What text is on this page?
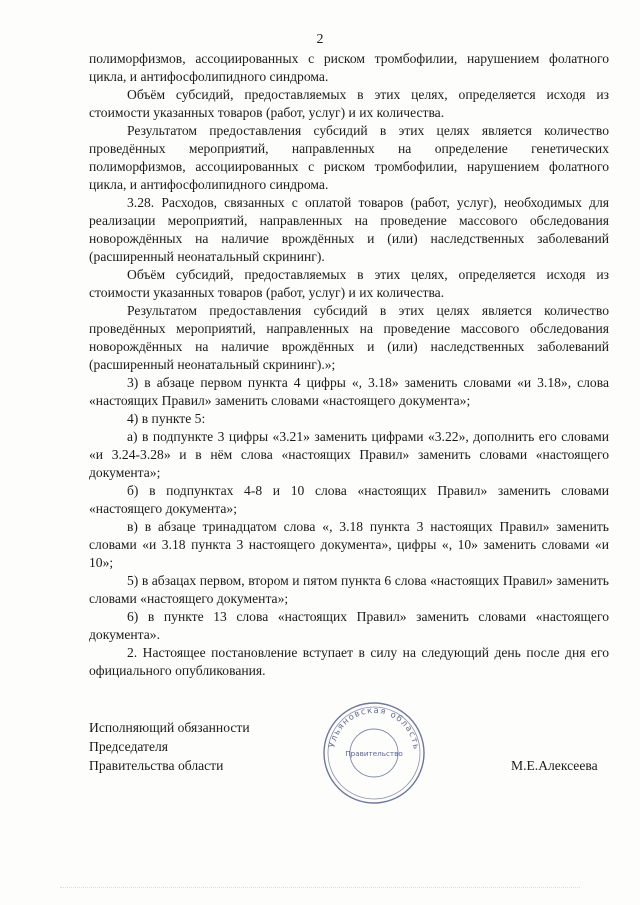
2

полиморфизмов, ассоциированных с риском тромбофилии, нарушением фолатного цикла, и антифосфолипидного синдрома.

Объём субсидий, предоставляемых в этих целях, определяется исходя из стоимости указанных товаров (работ, услуг) и их количества.

Результатом предоставления субсидий в этих целях является количество проведённых мероприятий, направленных на определение генетических полиморфизмов, ассоциированных с риском тромбофилии, нарушением фолатного цикла, и антифосфолипидного синдрома.

3.28. Расходов, связанных с оплатой товаров (работ, услуг), необходимых для реализации мероприятий, направленных на проведение массового обследования новорождённых на наличие врождённых и (или) наследственных заболеваний (расширенный неонатальный скрининг).

Объём субсидий, предоставляемых в этих целях, определяется исходя из стоимости указанных товаров (работ, услуг) и их количества.

Результатом предоставления субсидий в этих целях является количество проведённых мероприятий, направленных на проведение массового обследования новорождённых на наличие врождённых и (или) наследственных заболеваний (расширенный неонатальный скрининг).»;

3) в абзаце первом пункта 4 цифры «, 3.18» заменить словами «и 3.18», слова «настоящих Правил» заменить словами «настоящего документа»;

4) в пункте 5:

а) в подпункте 3 цифры «3.21» заменить цифрами «3.22», дополнить его словами «и 3.24-3.28» и в нём слова «настоящих Правил» заменить словами «настоящего документа»;

б) в подпунктах 4-8 и 10 слова «настоящих Правил» заменить словами «настоящего документа»;

в) в абзаце тринадцатом слова «, 3.18 пункта 3 настоящих Правил» заменить словами «и 3.18 пункта 3 настоящего документа», цифры «, 10» заменить словами «и 10»;

5) в абзацах первом, втором и пятом пункта 6 слова «настоящих Правил» заменить словами «настоящего документа»;

6) в пункте 13 слова «настоящих Правил» заменить словами «настоящего документа».

2. Настоящее постановление вступает в силу на следующий день после дня его официального опубликования.

Исполняющий обязанности
Председателя
Правительства области	М.Е.Алексеева
Ульяновская область
Правительство
